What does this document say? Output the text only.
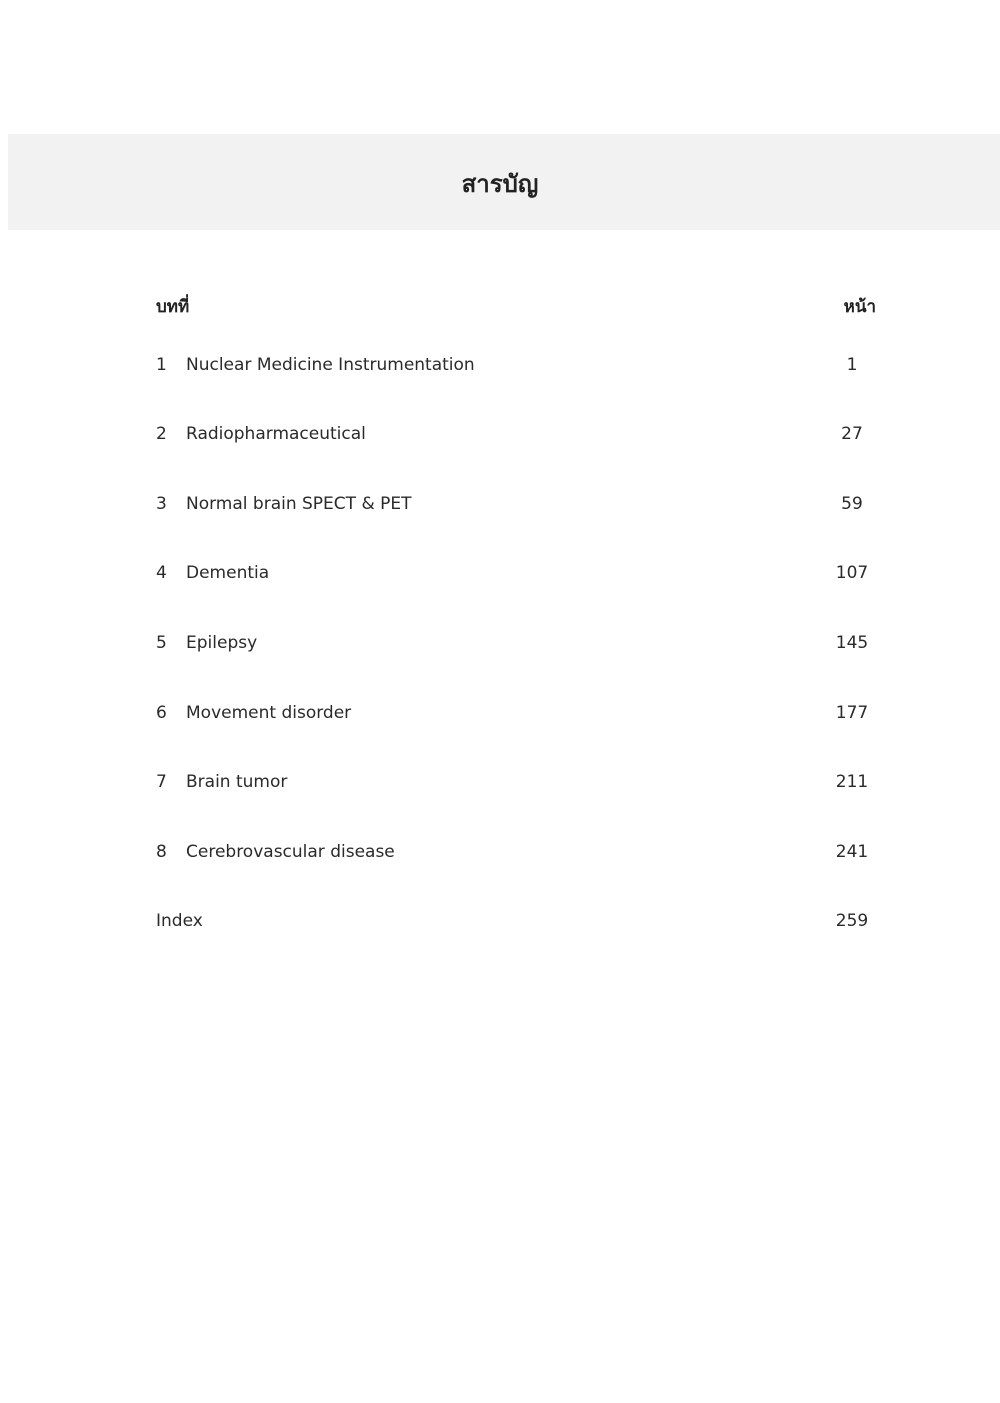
สารบัญ
บทที่	หน้า
1 Nuclear Medicine Instrumentation	1
2 Radiopharmaceutical	27
3 Normal brain SPECT & PET	59
4 Dementia	107
5 Epilepsy	145
6 Movement disorder	177
7 Brain tumor	211
8 Cerebrovascular disease	241
Index	259
